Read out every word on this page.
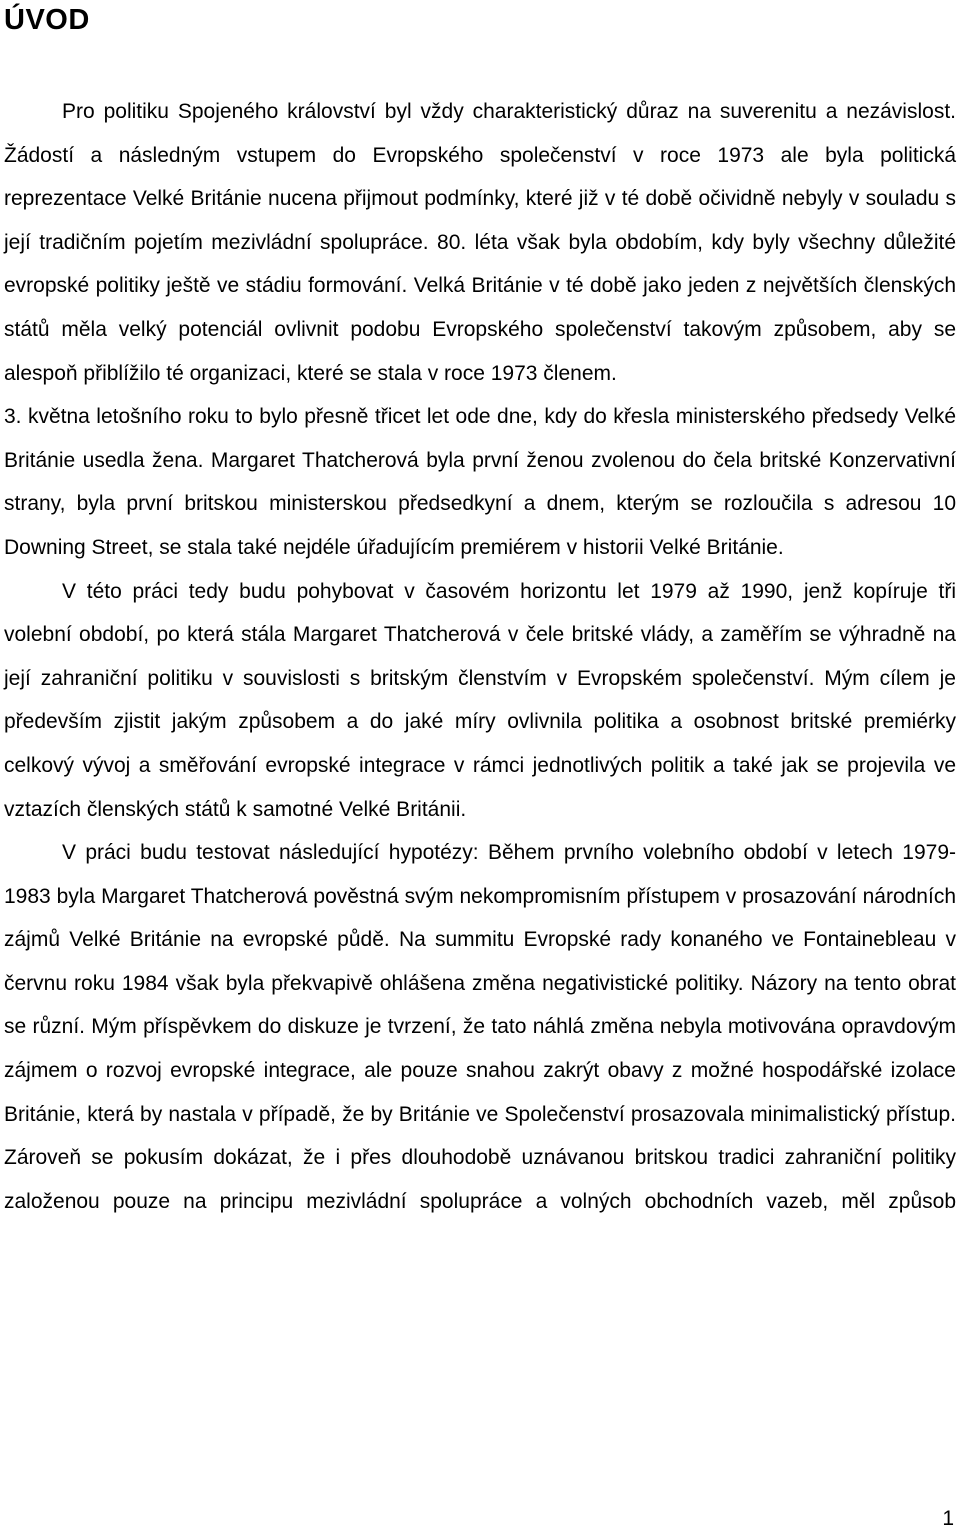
ÚVOD

Pro politiku Spojeného království byl vždy charakteristický důraz na suverenitu a nezávislost. Žádostí a následným vstupem do Evropského společenství v roce 1973 ale byla politická reprezentace Velké Británie nucena přijmout podmínky, které již v té době očividně nebyly v souladu s její tradičním pojetím mezivládní spolupráce. 80. léta však byla obdobím, kdy byly všechny důležité evropské politiky ještě ve stádiu formování. Velká Británie v té době jako jeden z největších členských států měla velký potenciál ovlivnit podobu Evropského společenství takovým způsobem, aby se alespoň přiblížilo té organizaci, které se stala v roce 1973 členem.

3. května letošního roku to bylo přesně třicet let ode dne, kdy do křesla ministerského předsedy Velké Británie usedla žena. Margaret Thatcherová byla první ženou zvolenou do čela britské Konzervativní strany, byla první britskou ministerskou předsedkyní a dnem, kterým se rozloučila s adresou 10 Downing Street, se stala také nejdéle úřadujícím premiérem v historii Velké Británie.

V této práci tedy budu pohybovat v časovém horizontu let 1979 až 1990, jenž kopíruje tři volební období, po která stála Margaret Thatcherová v čele britské vlády, a zaměřím se výhradně na její zahraniční politiku v souvislosti s britským členstvím v Evropském společenství. Mým cílem je především zjistit jakým způsobem a do jaké míry ovlivnila politika a osobnost britské premiérky celkový vývoj a směřování evropské integrace v rámci jednotlivých politik a také jak se projevila ve vztazích členských států k samotné Velké Británii.

V práci budu testovat následující hypotézy: Během prvního volebního období v letech 1979-1983 byla Margaret Thatcherová pověstná svým nekompromisním přístupem v prosazování národních zájmů Velké Británie na evropské půdě. Na summitu Evropské rady konaného ve Fontainebleau v červnu roku 1984 však byla překvapivě ohlášena změna negativistické politiky. Názory na tento obrat se různí. Mým příspěvkem do diskuze je tvrzení, že tato náhlá změna nebyla motivována opravdovým zájmem o rozvoj evropské integrace, ale pouze snahou zakrýt obavy z možné hospodářské izolace Británie, která by nastala v případě, že by Británie ve Společenství prosazovala minimalistický přístup. Zároveň se pokusím dokázat, že i přes dlouhodobě uznávanou britskou tradici zahraniční politiky založenou pouze na principu mezivládní spolupráce a volných obchodních vazeb, měl způsob

1
